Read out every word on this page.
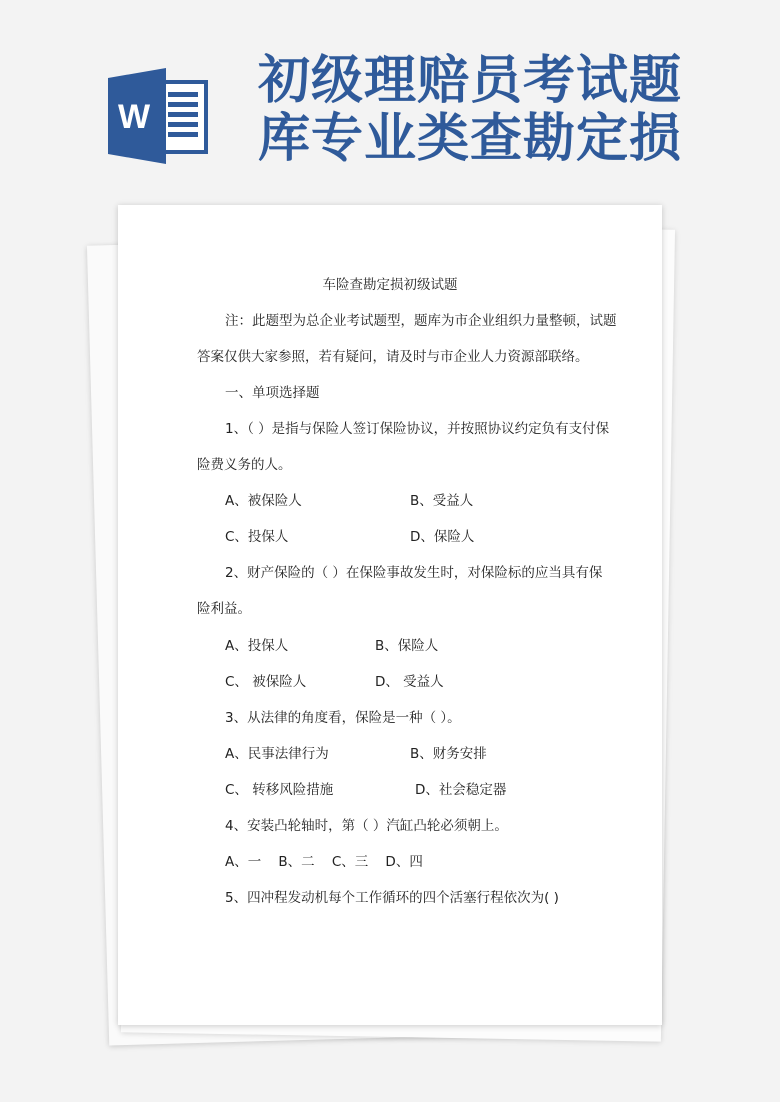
W
初级理赔员考试题
库专业类查勘定损
车险查勘定损初级试题
注：此题型为总企业考试题型，题库为市企业组织力量整顿，试题
答案仅供大家参照，若有疑问，请及时与市企业人力资源部联络。
一、单项选择题
1、（ ）是指与保险人签订保险协议，并按照协议约定负有支付保
险费义务的人。
A、被保险人	B、受益人
C、投保人	D、保险人
2、财产保险的（ ）在保险事故发生时，对保险标的应当具有保
险利益。
A、投保人	B、保险人
C、 被保险人	D、 受益人
3、从法律的角度看，保险是一种（ ）。
A、民事法律行为	B、财务安排
C、 转移风险措施	D、社会稳定器
4、安装凸轮轴时，第（ ）汽缸凸轮必须朝上。
A、一    B、二    C、三    D、四
5、四冲程发动机每个工作循环的四个活塞行程依次为( )
